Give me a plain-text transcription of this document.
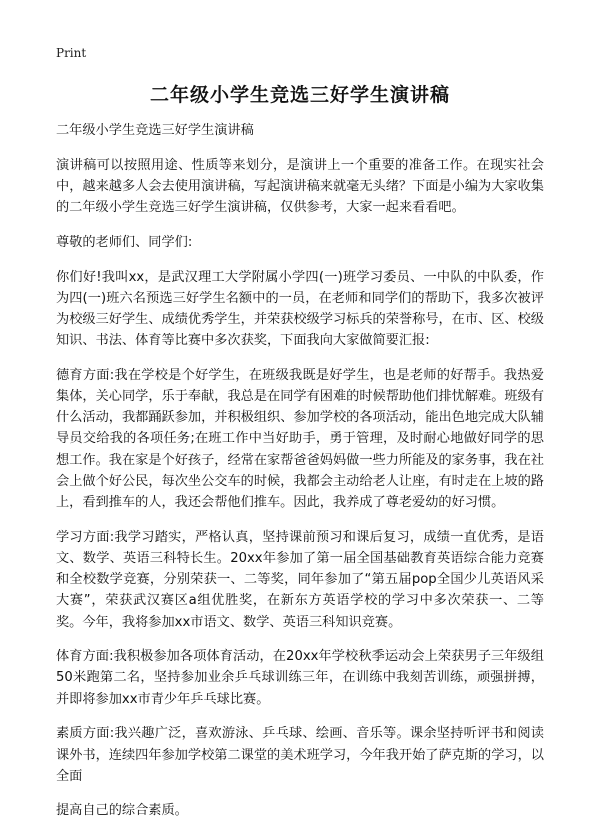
Print
二年级小学生竞选三好学生演讲稿

二年级小学生竞选三好学生演讲稿

演讲稿可以按照用途、性质等来划分，是演讲上一个重要的准备工作。在现实社会中，越来越多人会去使用演讲稿，写起演讲稿来就毫无头绪？下面是小编为大家收集的二年级小学生竞选三好学生演讲稿，仅供参考，大家一起来看看吧。

尊敬的老师们、同学们:

你们好!我叫xx，是武汉理工大学附属小学四(一)班学习委员、一中队的中队委，作为四(一)班六名预选三好学生名额中的一员，在老师和同学们的帮助下，我多次被评为校级三好学生、成绩优秀学生，并荣获校级学习标兵的荣誉称号，在市、区、校级知识、书法、体育等比赛中多次获奖，下面我向大家做简要汇报:

德育方面:我在学校是个好学生，在班级我既是好学生，也是老师的好帮手。我热爱集体，关心同学，乐于奉献，我总是在同学有困难的时候帮助他们排忧解难。班级有什么活动，我都踊跃参加，并积极组织、参加学校的各项活动，能出色地完成大队辅导员交给我的各项任务;在班工作中当好助手，勇于管理，及时耐心地做好同学的思想工作。我在家是个好孩子，经常在家帮爸爸妈妈做一些力所能及的家务事，我在社会上做个好公民，每次坐公交车的时候，我都会主动给老人让座，有时走在上坡的路上，看到推车的人，我还会帮他们推车。因此，我养成了尊老爱幼的好习惯。

学习方面:我学习踏实，严格认真，坚持课前预习和课后复习，成绩一直优秀，是语文、数学、英语三科特长生。20xx年参加了第一届全国基础教育英语综合能力竞赛和全校数学竞赛，分别荣获一、二等奖，同年参加了“第五届pop全国少儿英语风采大赛”，荣获武汉赛区a组优胜奖，在新东方英语学校的学习中多次荣获一、二等奖。今年，我将参加xx市语文、数学、英语三科知识竞赛。

体育方面:我积极参加各项体育活动，在20xx年学校秋季运动会上荣获男子三年级组50米跑第二名，坚持参加业余乒乓球训练三年，在训练中我刻苦训练，顽强拼搏，并即将参加xx市青少年乒乓球比赛。

素质方面:我兴趣广泛，喜欢游泳、乒乓球、绘画、音乐等。课余坚持听评书和阅读课外书，连续四年参加学校第二课堂的美术班学习，今年我开始了萨克斯的学习，以全面

提高自己的综合素质。
